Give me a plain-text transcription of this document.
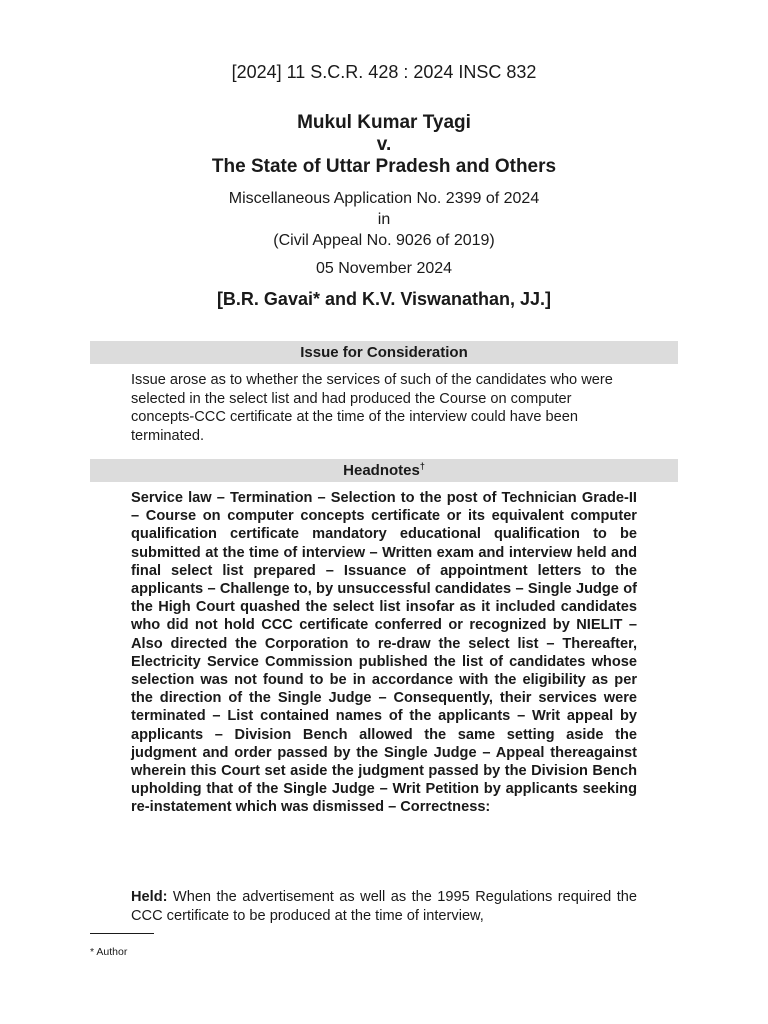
[2024] 11 S.C.R. 428 : 2024 INSC 832

Mukul Kumar Tyagi

v.

The State of Uttar Pradesh and Others

Miscellaneous Application No. 2399 of 2024

in

(Civil Appeal No. 9026 of 2019)

05 November 2024

[B.R. Gavai* and K.V. Viswanathan, JJ.]

Issue for Consideration

Issue arose as to whether the services of such of the candidates who were selected in the select list and had produced the Course on computer concepts-CCC certificate at the time of the interview could have been terminated.

Headnotes†

Service law – Termination – Selection to the post of Technician Grade-II – Course on computer concepts certificate or its equivalent computer qualification certificate mandatory educational qualification to be submitted at the time of interview – Written exam and interview held and final select list prepared – Issuance of appointment letters to the applicants – Challenge to, by unsuccessful candidates – Single Judge of the High Court quashed the select list insofar as it included candidates who did not hold CCC certificate conferred or recognized by NIELIT – Also directed the Corporation to re-draw the select list – Thereafter, Electricity Service Commission published the list of candidates whose selection was not found to be in accordance with the eligibility as per the direction of the Single Judge – Consequently, their services were terminated – List contained names of the applicants – Writ appeal by applicants – Division Bench allowed the same setting aside the judgment and order passed by the Single Judge – Appeal thereagainst wherein this Court set aside the judgment passed by the Division Bench upholding that of the Single Judge – Writ Petition by applicants seeking re-instatement which was dismissed – Correctness:

Held: When the advertisement as well as the 1995 Regulations required the CCC certificate to be produced at the time of interview,

* Author
